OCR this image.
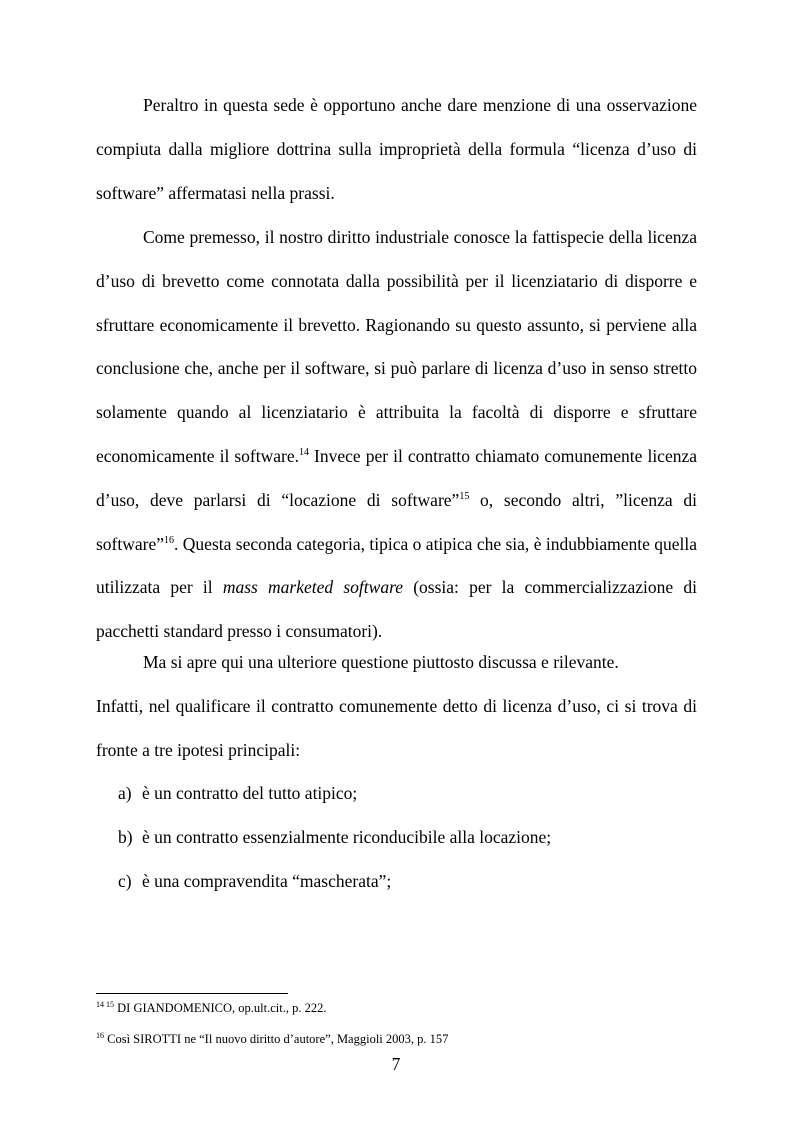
Peraltro in questa sede è opportuno anche dare menzione di una osservazione compiuta dalla migliore dottrina sulla improprietà della formula “licenza d’uso di software” affermatasi nella prassi.

Come premesso, il nostro diritto industriale conosce la fattispecie della licenza d’uso di brevetto come connotata dalla possibilità per il licenziatario di disporre e sfruttare economicamente il brevetto. Ragionando su questo assunto, si perviene alla conclusione che, anche per il software, si può parlare di licenza d’uso in senso stretto solamente quando al licenziatario è attribuita la facoltà di disporre e sfruttare economicamente il software.$^{14}$ Invece per il contratto chiamato comunemente licenza d’uso, deve parlarsi di “locazione di software”$^{15}$ o, secondo altri, ”licenza di software”$^{16}$. Questa seconda categoria, tipica o atipica che sia, è indubbiamente quella utilizzata per il mass marketed software (ossia: per la commercializzazione di pacchetti standard presso i consumatori).

Ma si apre qui una ulteriore questione piuttosto discussa e rilevante.

Infatti, nel qualificare il contratto comunemente detto di licenza d’uso, ci si trova di fronte a tre ipotesi principali:

a) è un contratto del tutto atipico;
b) è un contratto essenzialmente riconducibile alla locazione;
c) è una compravendita “mascherata”;
$^{14 15}$ DI GIANDOMENICO, op.ult.cit., p. 222.
$^{16}$ Così SIROTTI ne “Il nuovo diritto d’autore”, Maggioli 2003, p. 157
7
